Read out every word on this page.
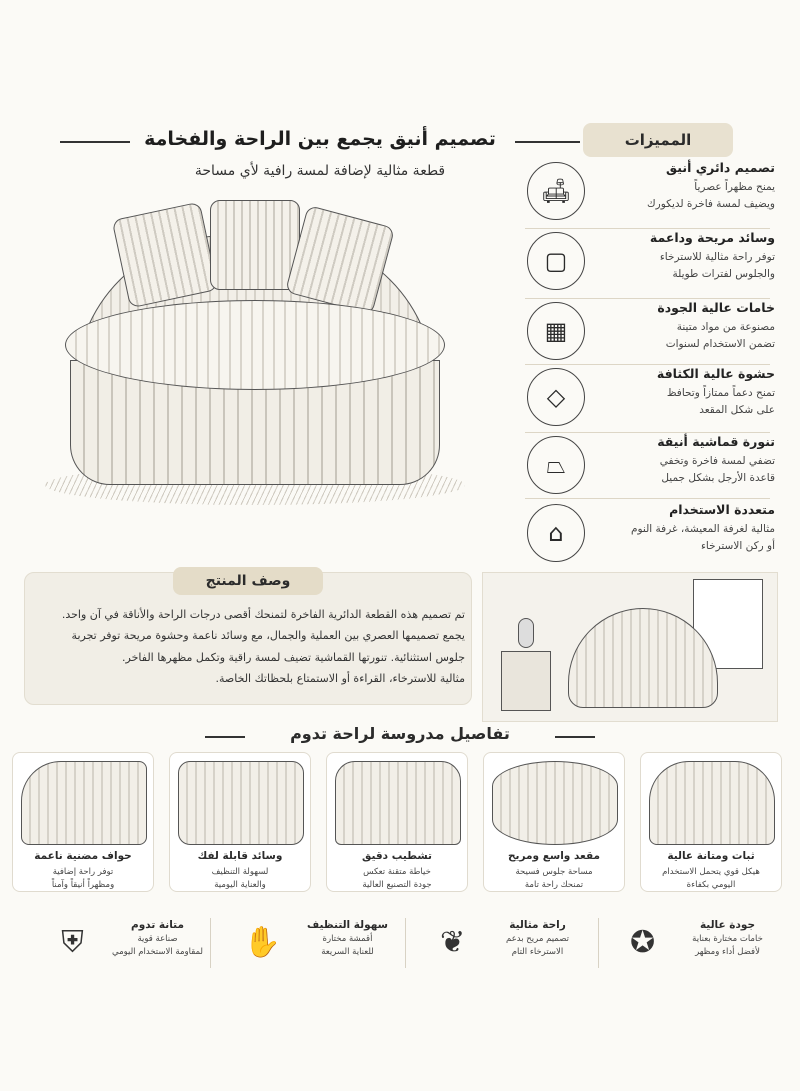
تصميم أنيق يجمع بين الراحة والفخامة
قطعة مثالية لإضافة لمسة رافية لأي مساحة
المميزات
🛋
تصميم دائري أنيق
يمنح مظهراً عصرياً
ويضيف لمسة فاخرة لديكورك
▢
وسائد مريحة وداعمة
توفر راحة مثالية للاسترخاء
والجلوس لفترات طويلة
▦
خامات عالية الجودة
مصنوعة من مواد متينة
تضمن الاستخدام لسنوات
◇
حشوة عالية الكثافة
تمنح دعماً ممتازاً وتحافظ
على شكل المقعد
⏢
تنورة قماشية أنيقة
تضفي لمسة فاخرة وتخفي
قاعدة الأرجل بشكل جميل
⌂
متعددة الاستخدام
مثالية لغرفة المعيشة، غرفة النوم
أو ركن الاسترخاء
وصف المنتج
تم تصميم هذه القطعة الدائرية الفاخرة لتمنحك أقصى درجات الراحة والأناقة في آن واحد.
يجمع تصميمها العصري بين العملية والجمال، مع وسائد ناعمة وحشوة مريحة توفر تجربة
جلوس استثنائية. تنورتها القماشية تضيف لمسة راقية وتكمل مظهرها الفاخر.
مثالية للاسترخاء، القراءة أو الاستمتاع بلحظاتك الخاصة.
تفاصيل مدروسة لراحة تدوم
ثبات ومتانة عالية
هيكل قوي يتحمل الاستخدام
اليومي بكفاءة
مقعد واسع ومريح
مساحة جلوس فسيحة
تمنحك راحة تامة
تشطيب دقيق
خياطة متقنة تعكس
جودة التصنيع العالية
وسائد قابلة لفك
لسهولة التنظيف
والعناية اليومية
حواف مضنية ناعمة
توفر راحة إضافية
ومظهراً أنيقاً وآمناً
✪	جودة عالية
خامات مختارة بعناية
لأفضل أداء ومظهر
❦	راحة مثالية
تصميم مريح بدعم
الاسترخاء التام
✋	سهولة التنظيف
أقمشة مختارة
للعناية السريعة
⛨	متانة تدوم
صناعة قوية
لمقاومة الاستخدام اليومي
